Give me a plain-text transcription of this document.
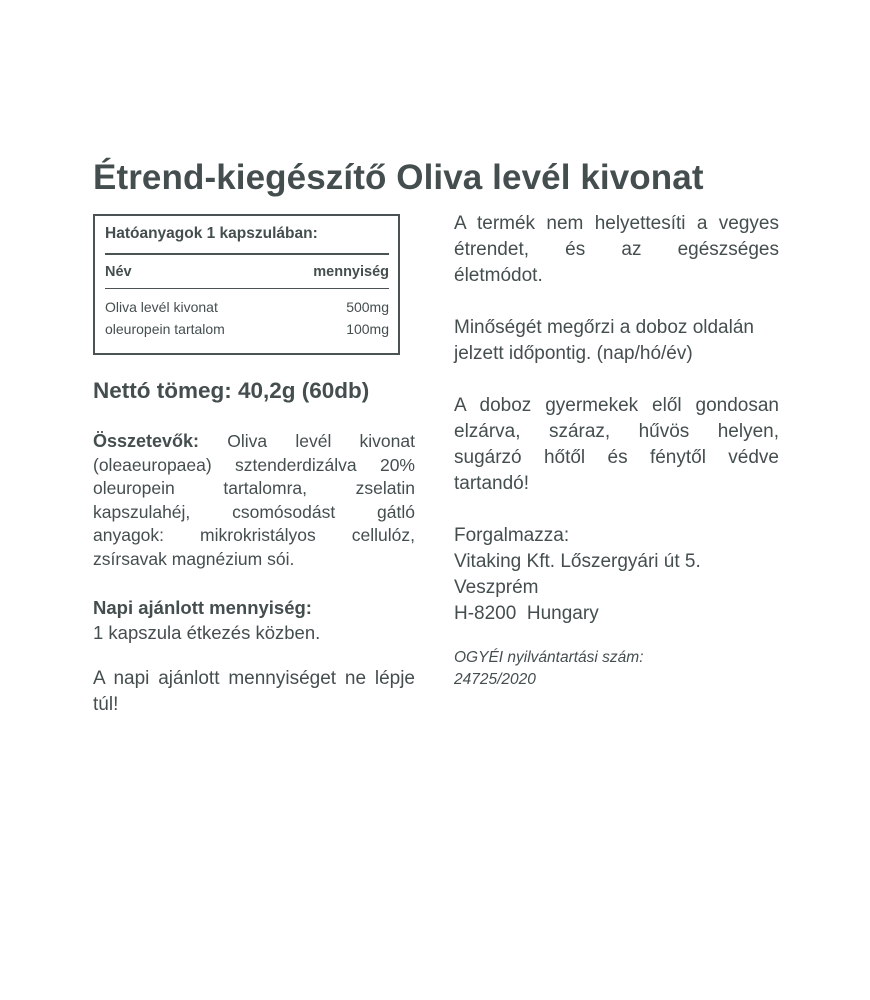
Étrend-kiegészítő Oliva levél kivonat
Hatóanyagok 1 kapszulában:
Név	mennyiség
Oliva levél kivonat	500mg
oleuropein tartalom	100mg
Nettó tömeg: 40,2g (60db)
Összetevők: Oliva levél kivonat (oleaeuropaea) sztenderdizálva 20% oleuropein tartalomra, zselatin kapszulahéj, csomósodást gátló anyagok: mikrokristályos cellulóz, zsírsavak magnézium sói.
Napi ajánlott mennyiség:
1 kapszula étkezés közben.
A napi ajánlott mennyiséget ne lépje túl!
A termék nem helyettesíti a vegyes étrendet, és az egészséges életmódot.
Minőségét megőrzi a doboz oldalán jelzett időpontig. (nap/hó/év)
A doboz gyermekek elől gondosan elzárva, száraz, hűvös helyen, sugárzó hőtől és fénytől védve tartandó!
Forgalmazza:
Vitaking Kft. Lőszergyári út 5.
Veszprém
H-8200  Hungary
OGYÉI nyilvántartási szám:
24725/2020
